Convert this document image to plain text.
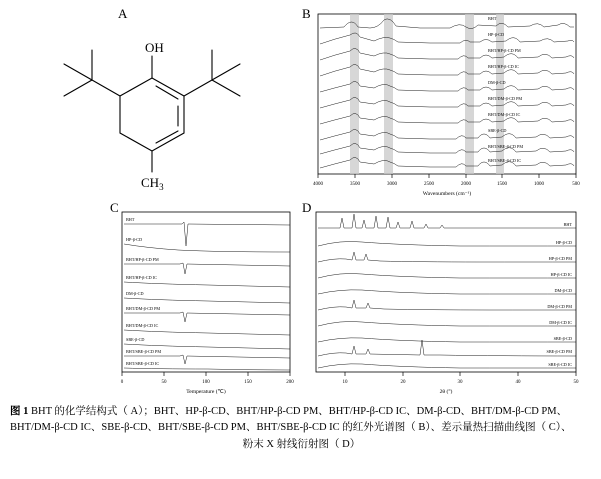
A
OH
$CH_3$
B	BHT
HP-β-CD
BHT/HP-β-CD PM
BHT/HP-β-CD IC
DM-β-CD
BHT/DM-β-CD PM
BHT/DM-β-CD IC
SBE-β-CD
BHT/SBE-β-CD PM
BHT/SBE-β-CD IC
4000	3500	3000	2500	2000	1500	1000	500
Wavenumbers (cm⁻¹)
C
BHT
HP-β-CD
BHT/HP-β-CD PM
BHT/HP-β-CD IC
DM-β-CD
BHT/DM-β-CD PM
BHT/DM-β-CD IC
SBE-β-CD
BHT/SBE-β-CD PM
BHT/SBE-β-CD IC
0	50	100	150	200
Temperature (℃)
D
BHT
HP-β-CD
HP-β-CD PM
HP-β-CD IC
DM-β-CD
DM-β-CD PM
DM-β-CD IC
SBE-β-CD
SBE-β-CD PM
SBE-β-CD IC
10	20	30	40	50
2θ (°)
图 1 BHT 的化学结构式（ A）；BHT、HP-β-CD、BHT/HP-β-CD PM、BHT/HP-β-CD IC、DM-β-CD、BHT/DM-β-CD PM、
BHT/DM-β-CD IC、SBE-β-CD、BHT/SBE-β-CD PM、BHT/SBE-β-CD IC 的红外光谱图（ B）、差示量热扫描曲线图（ C）、
粉末 X 射线衍射图（ D）
